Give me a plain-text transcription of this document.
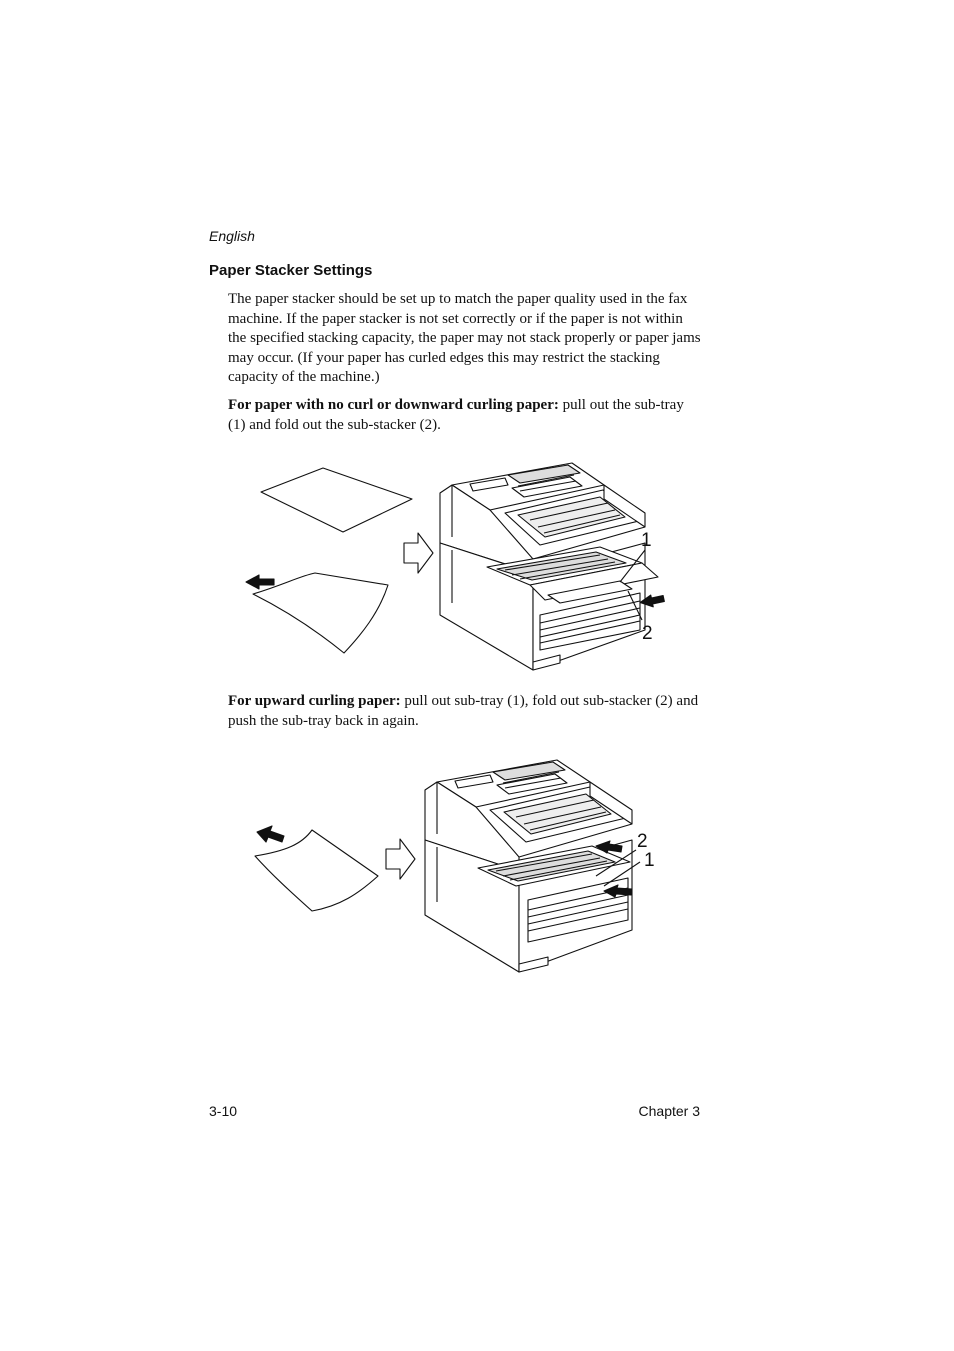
English
Paper Stacker Settings
The paper stacker should be set up to match the paper quality used in the fax machine. If the paper stacker is not set correctly or if the paper is not within the specified stacking capacity, the paper may not stack properly or paper jams may occur. (If your paper has curled edges this may restrict the stacking capacity of the machine.)
For paper with no curl or downward curling paper: pull out the sub-tray (1) and fold out the sub-stacker (2).
1
2
For upward curling paper: pull out sub-tray (1), fold out sub-stacker (2) and push the sub-tray back in again.
2
1
3-10	Chapter 3
